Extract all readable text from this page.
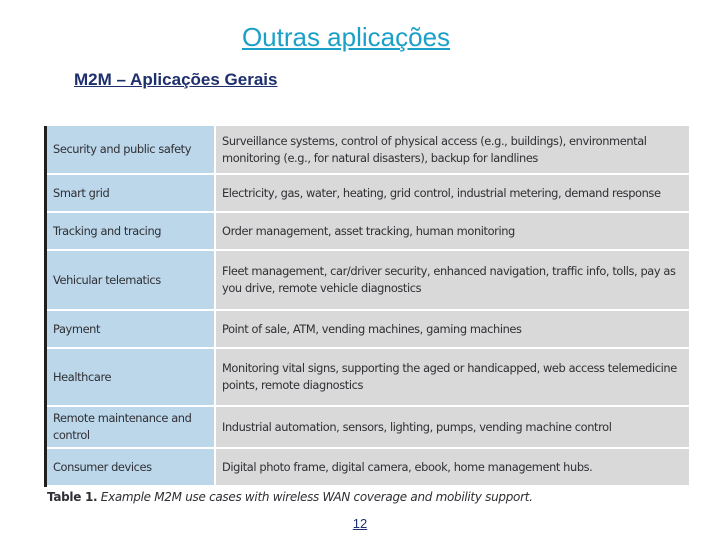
Outras aplicações
M2M – Aplicações Gerais
Security and public safety	Surveillance systems, control of physical access (e.g., buildings), environmental monitoring (e.g., for natural disasters), backup for landlines
Smart grid	Electricity, gas, water, heating, grid control, industrial metering, demand response
Tracking and tracing	Order management, asset tracking, human monitoring
Vehicular telematics	Fleet management, car/driver security, enhanced navigation, traffic info, tolls, pay as you drive, remote vehicle diagnostics
Payment	Point of sale, ATM, vending machines, gaming machines
Healthcare	Monitoring vital signs, supporting the aged or handicapped, web access telemedicine points, remote diagnostics
Remote maintenance and control	Industrial automation, sensors, lighting, pumps, vending machine control
Consumer devices	Digital photo frame, digital camera, ebook, home management hubs.
Table 1. Example M2M use cases with wireless WAN coverage and mobility support.
12
